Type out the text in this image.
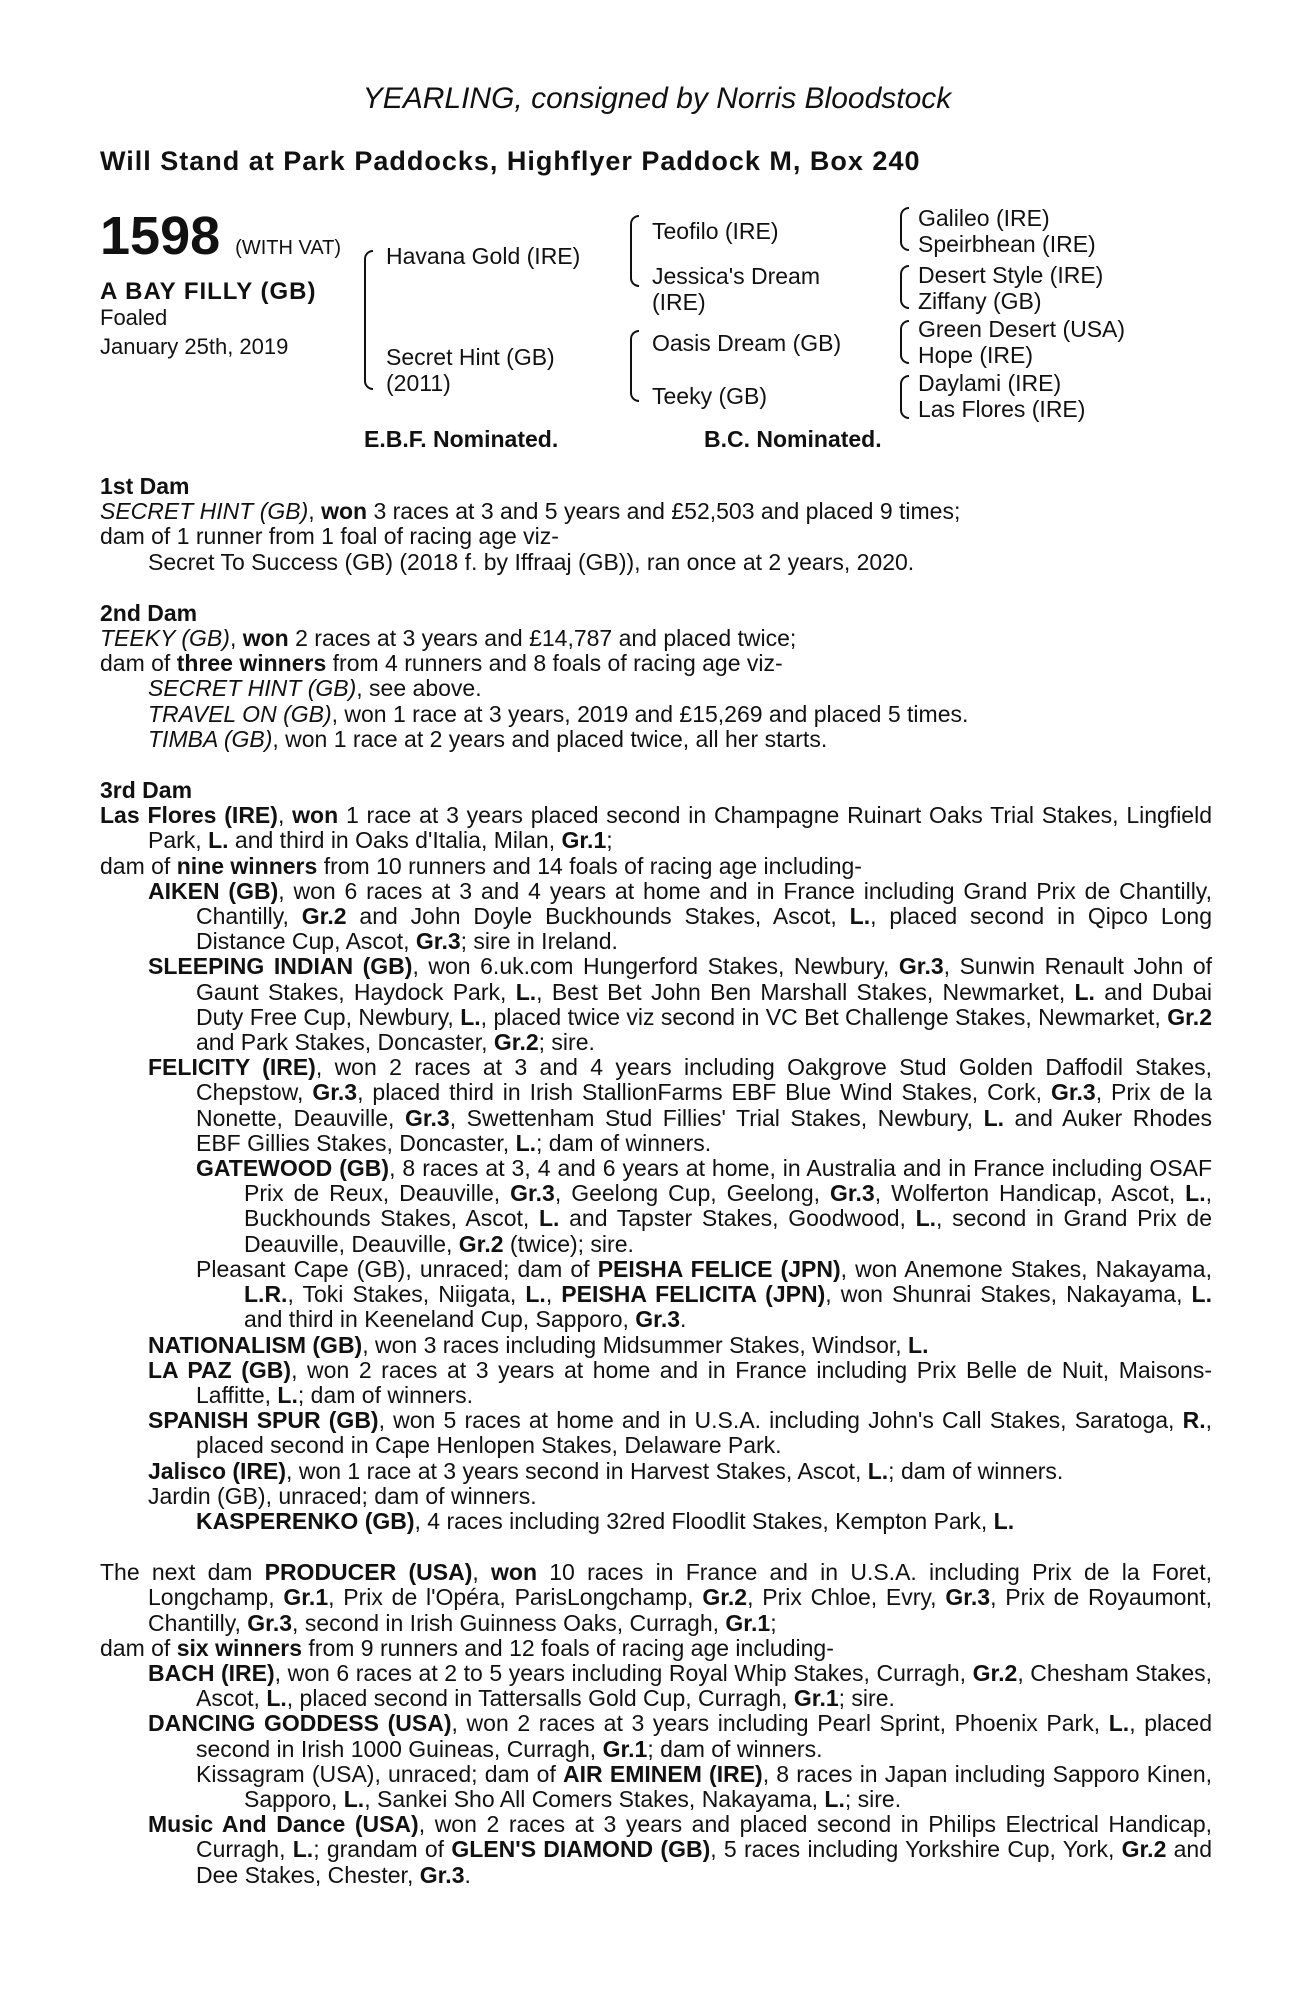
YEARLING, consigned by Norris Bloodstock
Will Stand at Park Paddocks, Highflyer Paddock M, Box 240
1598 (WITH VAT)
A BAY FILLY (GB)
Foaled
January 25th, 2019
Havana Gold (IRE)
Secret Hint (GB)
(2011)
Teofilo (IRE)
Jessica's Dream
(IRE)
Oasis Dream (GB)
Teeky (GB)
Galileo (IRE)
Speirbhean (IRE)
Desert Style (IRE)
Ziffany (GB)
Green Desert (USA)
Hope (IRE)
Daylami (IRE)
Las Flores (IRE)
E.B.F. Nominated.	B.C. Nominated.
1st Dam
SECRET HINT (GB), won 3 races at 3 and 5 years and £52,503 and placed 9 times;
dam of 1 runner from 1 foal of racing age viz-
Secret To Success (GB) (2018 f. by Iffraaj (GB)), ran once at 2 years, 2020.
2nd Dam
TEEKY (GB), won 2 races at 3 years and £14,787 and placed twice;
dam of three winners from 4 runners and 8 foals of racing age viz-
SECRET HINT (GB), see above.
TRAVEL ON (GB), won 1 race at 3 years, 2019 and £15,269 and placed 5 times.
TIMBA (GB), won 1 race at 2 years and placed twice, all her starts.
3rd Dam
Las Flores (IRE), won 1 race at 3 years placed second in Champagne Ruinart Oaks Trial Stakes, Lingfield Park, L. and third in Oaks d'Italia, Milan, Gr.1;
dam of nine winners from 10 runners and 14 foals of racing age including-
AIKEN (GB), won 6 races at 3 and 4 years at home and in France including Grand Prix de Chantilly, Chantilly, Gr.2 and John Doyle Buckhounds Stakes, Ascot, L., placed second in Qipco Long Distance Cup, Ascot, Gr.3; sire in Ireland.
SLEEPING INDIAN (GB), won 6.uk.com Hungerford Stakes, Newbury, Gr.3, Sunwin Renault John of Gaunt Stakes, Haydock Park, L., Best Bet John Ben Marshall Stakes, Newmarket, L. and Dubai Duty Free Cup, Newbury, L., placed twice viz second in VC Bet Challenge Stakes, Newmarket, Gr.2 and Park Stakes, Doncaster, Gr.2; sire.
FELICITY (IRE), won 2 races at 3 and 4 years including Oakgrove Stud Golden Daffodil Stakes, Chepstow, Gr.3, placed third in Irish StallionFarms EBF Blue Wind Stakes, Cork, Gr.3, Prix de la Nonette, Deauville, Gr.3, Swettenham Stud Fillies' Trial Stakes, Newbury, L. and Auker Rhodes EBF Gillies Stakes, Doncaster, L.; dam of winners.
GATEWOOD (GB), 8 races at 3, 4 and 6 years at home, in Australia and in France including OSAF Prix de Reux, Deauville, Gr.3, Geelong Cup, Geelong, Gr.3, Wolferton Handicap, Ascot, L., Buckhounds Stakes, Ascot, L. and Tapster Stakes, Goodwood, L., second in Grand Prix de Deauville, Deauville, Gr.2 (twice); sire.
Pleasant Cape (GB), unraced; dam of PEISHA FELICE (JPN), won Anemone Stakes, Nakayama, L.R., Toki Stakes, Niigata, L., PEISHA FELICITA (JPN), won Shunrai Stakes, Nakayama, L. and third in Keeneland Cup, Sapporo, Gr.3.
NATIONALISM (GB), won 3 races including Midsummer Stakes, Windsor, L.
LA PAZ (GB), won 2 races at 3 years at home and in France including Prix Belle de Nuit, Maisons-Laffitte, L.; dam of winners.
SPANISH SPUR (GB), won 5 races at home and in U.S.A. including John's Call Stakes, Saratoga, R., placed second in Cape Henlopen Stakes, Delaware Park.
Jalisco (IRE), won 1 race at 3 years second in Harvest Stakes, Ascot, L.; dam of winners.
Jardin (GB), unraced; dam of winners.
KASPERENKO (GB), 4 races including 32red Floodlit Stakes, Kempton Park, L.
The next dam PRODUCER (USA), won 10 races in France and in U.S.A. including Prix de la Foret, Longchamp, Gr.1, Prix de l'Opéra, ParisLongchamp, Gr.2, Prix Chloe, Evry, Gr.3, Prix de Royaumont, Chantilly, Gr.3, second in Irish Guinness Oaks, Curragh, Gr.1;
dam of six winners from 9 runners and 12 foals of racing age including-
BACH (IRE), won 6 races at 2 to 5 years including Royal Whip Stakes, Curragh, Gr.2, Chesham Stakes, Ascot, L., placed second in Tattersalls Gold Cup, Curragh, Gr.1; sire.
DANCING GODDESS (USA), won 2 races at 3 years including Pearl Sprint, Phoenix Park, L., placed second in Irish 1000 Guineas, Curragh, Gr.1; dam of winners.
Kissagram (USA), unraced; dam of AIR EMINEM (IRE), 8 races in Japan including Sapporo Kinen, Sapporo, L., Sankei Sho All Comers Stakes, Nakayama, L.; sire.
Music And Dance (USA), won 2 races at 3 years and placed second in Philips Electrical Handicap, Curragh, L.; grandam of GLEN'S DIAMOND (GB), 5 races including Yorkshire Cup, York, Gr.2 and Dee Stakes, Chester, Gr.3.
